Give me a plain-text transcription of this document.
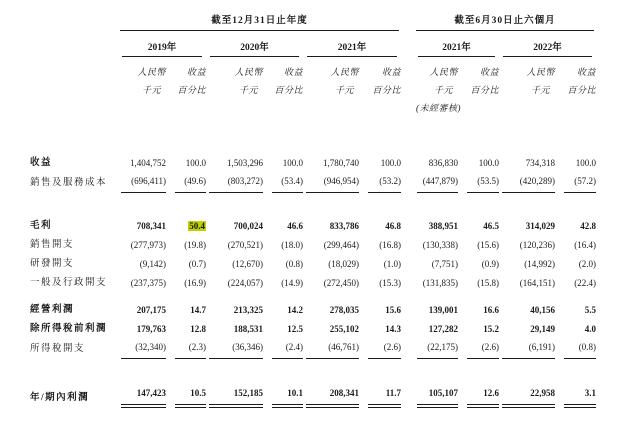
	截至12月31日止年度							截至6月30日止六個月			

	2019年		2020年		2021年			2021年		2022年	

	人民幣	收益	人民幣	收益	人民幣	收益		人民幣	收益	人民幣	收益
	千元	百分比	千元	百分比	千元	百分比		千元	百分比	千元	百分比
								(未經審核)			

收益	1,404,752	100.0	1,503,296	100.0	1,780,740	100.0		836,830	100.0	734,318	100.0

銷售及服務成本	(696,411)	(49.6)	(803,272)	(53.4)	(946,954)	(53.2)		(447,879)	(53.5)	(420,289)	(57.2)

毛利	708,341	50.4	700,024	46.6	833,786	46.8		388,951	46.5	314,029	42.8

銷售開支	(277,973)	(19.8)	(270,521)	(18.0)	(299,464)	(16.8)		(130,338)	(15.6)	(120,236)	(16.4)

研發開支	(9,142)	(0.7)	(12,670)	(0.8)	(18,029)	(1.0)		(7,751)	(0.9)	(14,992)	(2.0)

一般及行政開支	(237,375)	(16.9)	(224,057)	(14.9)	(272,450)	(15.3)		(131,835)	(15.8)	(164,151)	(22.4)

經營利潤	207,175	14.7	213,325	14.2	278,035	15.6		139,001	16.6	40,156	5.5

除所得稅前利潤	179,763	12.8	188,531	12.5	255,102	14.3		127,282	15.2	29,149	4.0

所得稅開支	(32,340)	(2.3)	(36,346)	(2.4)	(46,761)	(2.6)		(22,175)	(2.6)	(6,191)	(0.8)

年/期內利潤	147,423	10.5	152,185	10.1	208,341	11.7		105,107	12.6	22,958	3.1
